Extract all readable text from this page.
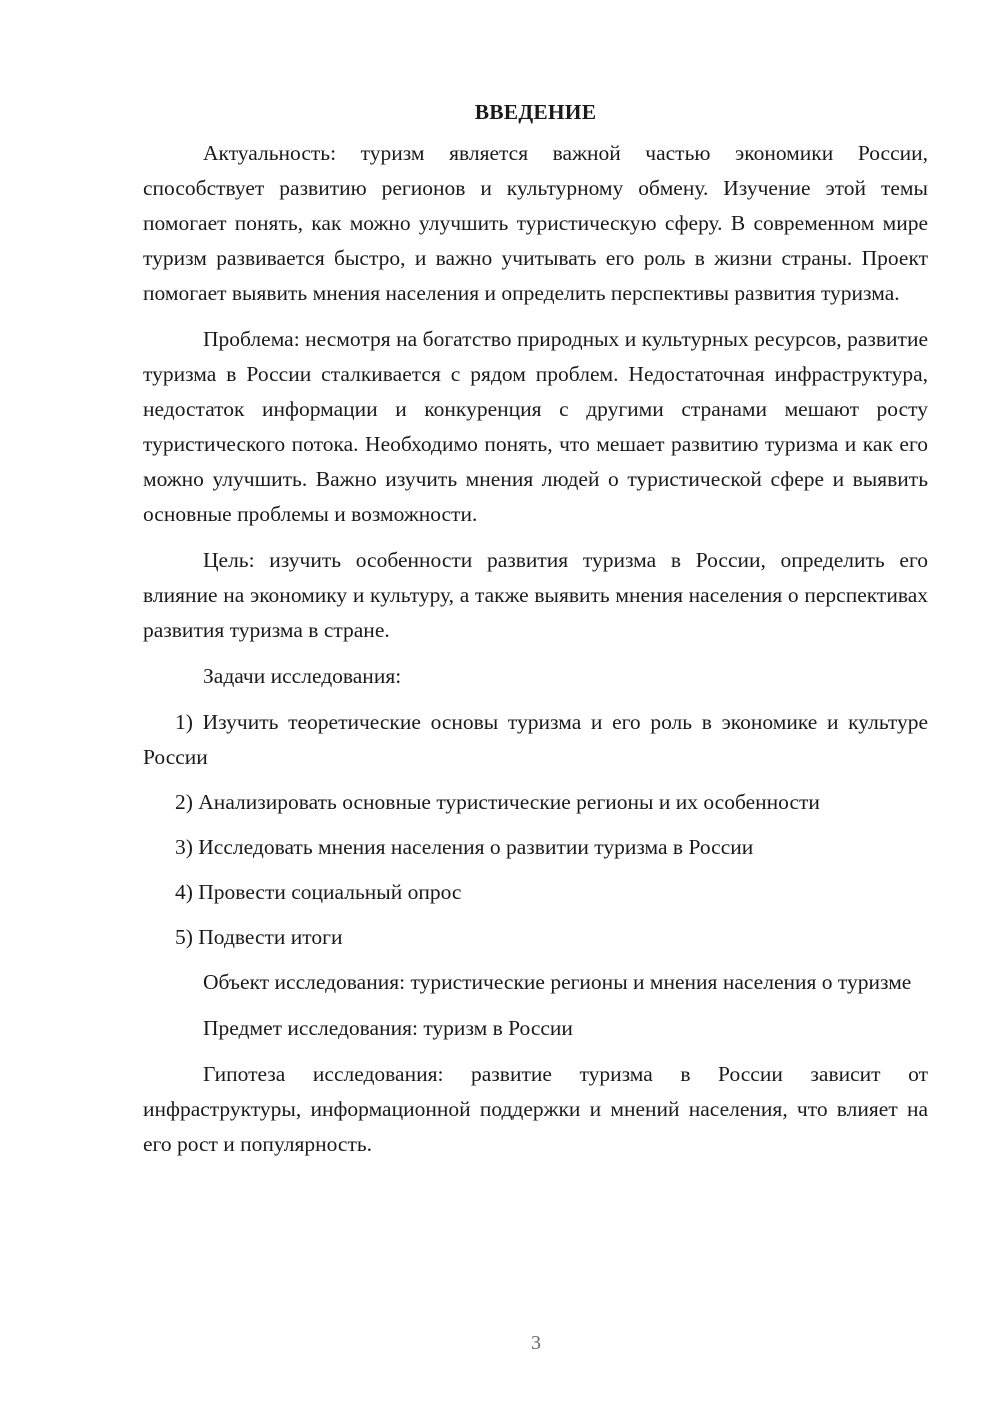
ВВЕДЕНИЕ

Актуальность: туризм является важной частью экономики России, способствует развитию регионов и культурному обмену. Изучение этой темы помогает понять, как можно улучшить туристическую сферу. В современном мире туризм развивается быстро, и важно учитывать его роль в жизни страны. Проект помогает выявить мнения населения и определить перспективы развития туризма.

Проблема: несмотря на богатство природных и культурных ресурсов, развитие туризма в России сталкивается с рядом проблем. Недостаточная инфраструктура, недостаток информации и конкуренция с другими странами мешают росту туристического потока. Необходимо понять, что мешает развитию туризма и как его можно улучшить. Важно изучить мнения людей о туристической сфере и выявить основные проблемы и возможности.

Цель: изучить особенности развития туризма в России, определить его влияние на экономику и культуру, а также выявить мнения населения о перспективах развития туризма в стране.

Задачи исследования:

1) Изучить теоретические основы туризма и его роль в экономике и культуре России

2) Анализировать основные туристические регионы и их особенности

3) Исследовать мнения населения о развитии туризма в России

4) Провести социальный опрос

5) Подвести итоги

Объект исследования: туристические регионы и мнения населения о туризме

Предмет исследования: туризм в России

Гипотеза исследования: развитие туризма в России зависит от инфраструктуры, информационной поддержки и мнений населения, что влияет на его рост и популярность.

3
